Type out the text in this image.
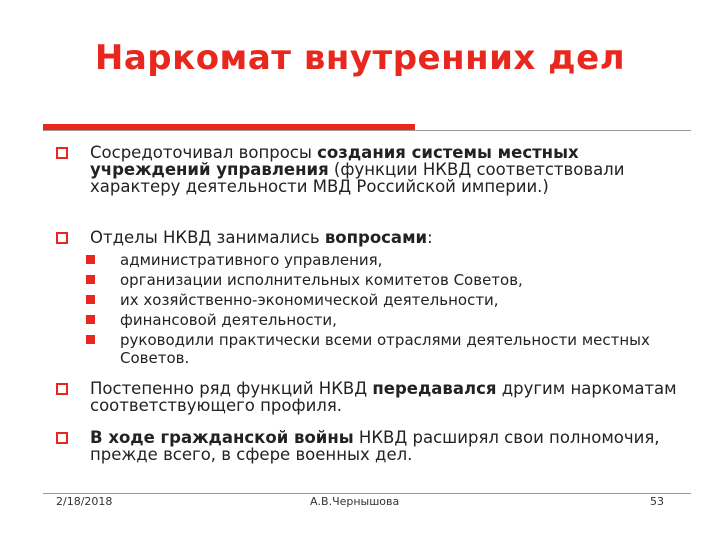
Наркомат внутренних дел
Сосредоточивал вопросы создания системы местных учреждений управления (функции НКВД соответствовали характеру деятельности МВД Российской империи.)
Отделы НКВД занимались вопросами:
административного управления,
организации исполнительных комитетов Советов,
их хозяйственно-экономической деятельности,
финансовой деятельности,
руководили практически всеми отраслями деятельности местных Советов.
Постепенно ряд функций НКВД передавался другим наркоматам соответствующего профиля.
В ходе гражданской войны НКВД расширял свои полномочия, прежде всего, в сфере военных дел.
2/18/2018	А.В.Чернышова	53
